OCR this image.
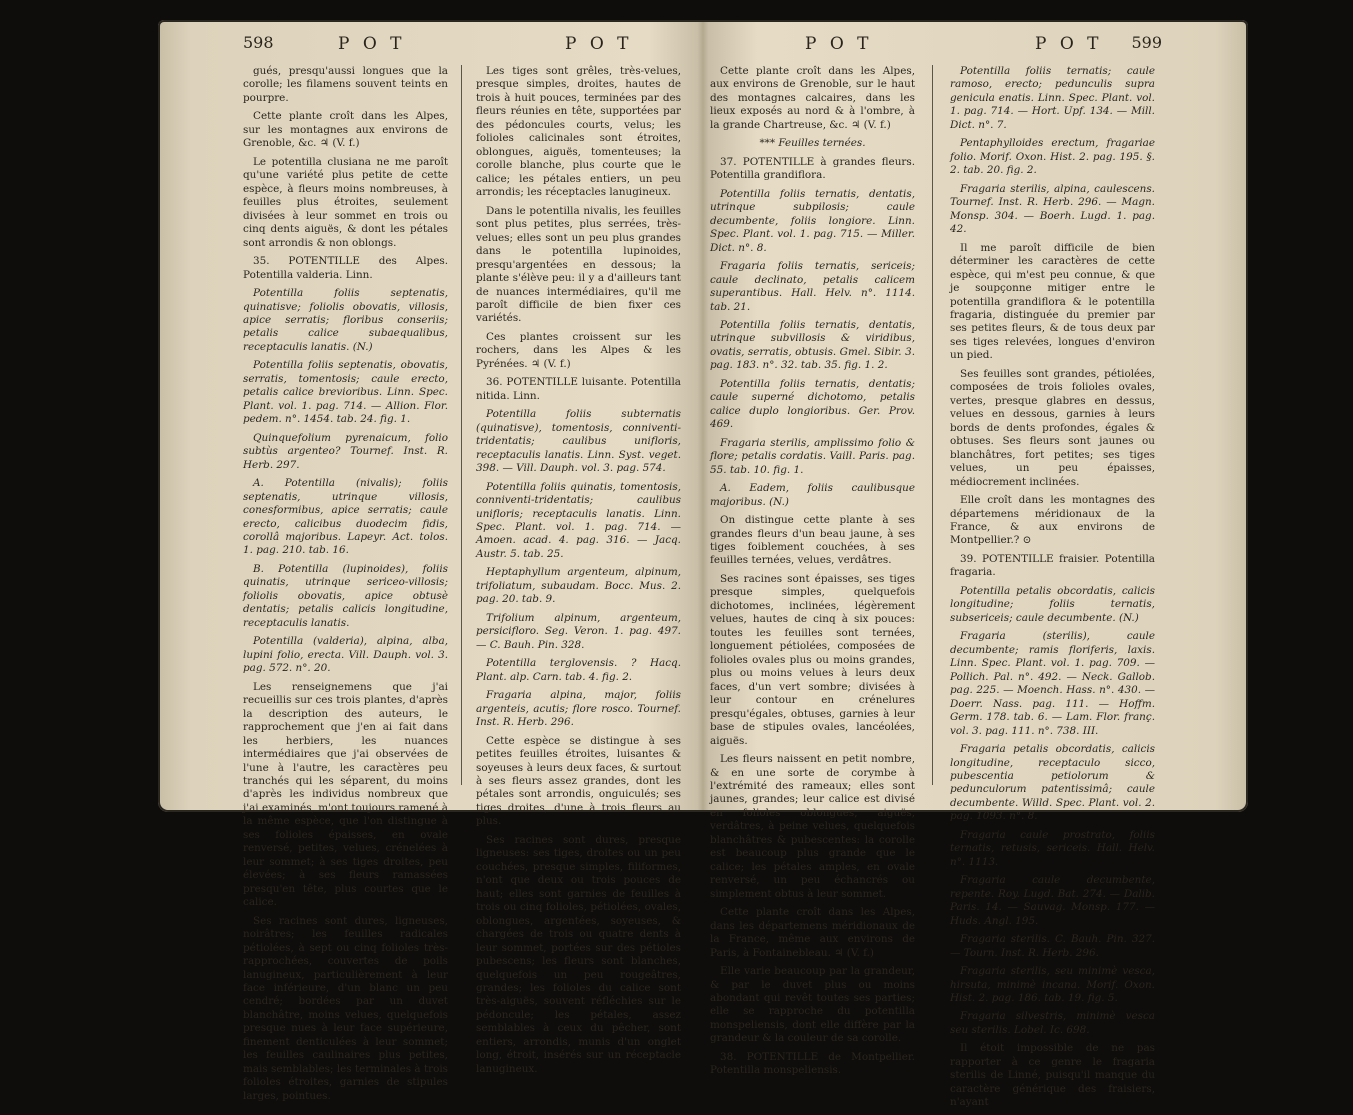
598	P O T	P O T

gués, presqu'aussi longues que la corolle; les filamens souvent teints en pourpre.

Cette plante croît dans les Alpes, sur les montagnes aux environs de Grenoble, &c. ♃ (V. f.)

Le potentilla clusiana ne me paroît qu'une variété plus petite de cette espèce, à fleurs moins nombreuses, à feuilles plus étroites, seulement divisées à leur sommet en trois ou cinq dents aiguës, & dont les pétales sont arrondis & non oblongs.

35. POTENTILLE des Alpes. Potentilla valderia. Linn.

Potentilla foliis septenatis, quinatisve; foliolis obovatis, villosis, apice serratis; floribus conseriis; petalis calice subaequalibus, receptaculis lanatis. (N.)

Potentilla foliis septenatis, obovatis, serratis, tomentosis; caule erecto, petalis calice brevioribus. Linn. Spec. Plant. vol. 1. pag. 714. — Allion. Flor. pedem. n°. 1454. tab. 24. fig. 1.

Quinquefolium pyrenaicum, folio subtùs argenteo? Tournef. Inst. R. Herb. 297.

A. Potentilla (nivalis); foliis septenatis, utrinque villosis, conesformibus, apice serratis; caule erecto, calicibus duodecim fidis, corollâ majoribus. Lapeyr. Act. tolos. 1. pag. 210. tab. 16.

B. Potentilla (lupinoides), foliis quinatis, utrinque sericeo-villosis; foliolis obovatis, apice obtusè dentatis; petalis calicis longitudine, receptaculis lanatis.

Potentilla (valderia), alpina, alba, lupini folio, erecta. Vill. Dauph. vol. 3. pag. 572. n°. 20.

Les renseignemens que j'ai recueillis sur ces trois plantes, d'après la description des auteurs, le rapprochement que j'en ai fait dans les herbiers, les nuances intermédiaires que j'ai observées de l'une à l'autre, les caractères peu tranchés qui les séparent, du moins d'après les individus nombreux que j'ai examinés, m'ont toujours ramené à la même espèce, que l'on distingue à ses folioles épaisses, en ovale renversé, petites, velues, crénelées à leur sommet; à ses tiges droites, peu élevées; à ses fleurs ramassées presqu'en tête, plus courtes que le calice.

Ses racines sont dures, ligneuses, noirâtres; les feuilles radicales pétiolées, à sept ou cinq folioles très-rapprochées, couvertes de poils lanugineux, particulièrement à leur face inférieure, d'un blanc un peu cendré; bordées par un duvet blanchâtre, moins velues, quelquefois presque nues à leur face supérieure, finement denticulées à leur sommet; les feuilles caulinaires plus petites, mais semblables; les terminales à trois folioles étroites, garnies de stipules larges, pointues.

Les tiges sont grêles, très-velues, presque simples, droites, hautes de trois à huit pouces, terminées par des fleurs réunies en tête, supportées par des pédoncules courts, velus; les folioles calicinales sont étroites, oblongues, aiguës, tomenteuses; la corolle blanche, plus courte que le calice; les pétales entiers, un peu arrondis; les réceptacles lanugineux.

Dans le potentilla nivalis, les feuilles sont plus petites, plus serrées, très-velues; elles sont un peu plus grandes dans le potentilla lupinoides, presqu'argentées en dessous; la plante s'élève peu: il y a d'ailleurs tant de nuances intermédiaires, qu'il me paroît difficile de bien fixer ces variétés.

Ces plantes croissent sur les rochers, dans les Alpes & les Pyrénées. ♃ (V. f.)

36. POTENTILLE luisante. Potentilla nitida. Linn.

Potentilla foliis subternatis (quinatisve), tomentosis, conniventi-tridentatis; caulibus unifloris, receptaculis lanatis. Linn. Syst. veget. 398. — Vill. Dauph. vol. 3. pag. 574.

Potentilla foliis quinatis, tomentosis, conniventi-tridentatis; caulibus unifloris; receptaculis lanatis. Linn. Spec. Plant. vol. 1. pag. 714. — Amoen. acad. 4. pag. 316. — Jacq. Austr. 5. tab. 25.

Heptaphyllum argenteum, alpinum, trifoliatum, subaudam. Bocc. Mus. 2. pag. 20. tab. 9.

Trifolium alpinum, argenteum, persicifloro. Seg. Veron. 1. pag. 497. — C. Bauh. Pin. 328.

Potentilla terglovensis. ? Hacq. Plant. alp. Carn. tab. 4. fig. 2.

Fragaria alpina, major, foliis argenteis, acutis; flore rosco. Tournef. Inst. R. Herb. 296.

Cette espèce se distingue à ses petites feuilles étroites, luisantes & soyeuses à leurs deux faces, & surtout à ses fleurs assez grandes, dont les pétales sont arrondis, onguiculés; ses tiges droites, d'une à trois fleurs au plus.

Ses racines sont dures, presque ligneuses: ses tiges, droites ou un peu couchées, presque simples, filiformes, n'ont que deux ou trois pouces de haut; elles sont garnies de feuilles à trois ou cinq folioles, pétiolées, ovales, oblongues, argentées, soyeuses, & chargées de trois ou quatre dents à leur sommet, portées sur des pétioles pubescens; les fleurs sont blanches, quelquefois un peu rougeâtres, grandes; les folioles du calice sont très-aiguës, souvent réfléchies sur le pédoncule; les pétales, assez semblables à ceux du pêcher, sont entiers, arrondis, munis d'un onglet long, étroit, insérés sur un réceptacle lanugineux.

P O T	P O T 599

Cette plante croît dans les Alpes, aux environs de Grenoble, sur le haut des montagnes calcaires, dans les lieux exposés au nord & à l'ombre, à la grande Chartreuse, &c. ♃ (V. f.)

*** Feuilles ternées.

37. POTENTILLE à grandes fleurs. Potentilla grandiflora.

Potentilla foliis ternatis, dentatis, utrinque subpilosis; caule decumbente, foliis longiore. Linn. Spec. Plant. vol. 1. pag. 715. — Miller. Dict. n°. 8.

Fragaria foliis ternatis, sericeis; caule declinato, petalis calicem superantibus. Hall. Helv. n°. 1114. tab. 21.

Potentilla foliis ternatis, dentatis, utrinque subvillosis & viridibus, ovatis, serratis, obtusis. Gmel. Sibir. 3. pag. 183. n°. 32. tab. 35. fig. 1. 2.

Potentilla foliis ternatis, dentatis; caule superné dichotomo, petalis calice duplo longioribus. Ger. Prov. 469.

Fragaria sterilis, amplissimo folio & flore; petalis cordatis. Vaill. Paris. pag. 55. tab. 10. fig. 1.

A. Eadem, foliis caulibusque majoribus. (N.)

On distingue cette plante à ses grandes fleurs d'un beau jaune, à ses tiges foiblement couchées, à ses feuilles ternées, velues, verdâtres.

Ses racines sont épaisses, ses tiges presque simples, quelquefois dichotomes, inclinées, légèrement velues, hautes de cinq à six pouces: toutes les feuilles sont ternées, longuement pétiolées, composées de folioles ovales plus ou moins grandes, plus ou moins velues à leurs deux faces, d'un vert sombre; divisées à leur contour en crénelures presqu'égales, obtuses, garnies à leur base de stipules ovales, lancéolées, aiguës.

Les fleurs naissent en petit nombre, & en une sorte de corymbe à l'extrémité des rameaux; elles sont jaunes, grandes; leur calice est divisé en folioles oblongues, aiguës, verdâtres, à peine velues, quelquefois blanchâtres & pubescentes: la corolle est beaucoup plus grande que le calice; les pétales amples, en ovale renversé, un peu échancrés ou simplement obtus à leur sommet.

Cette plante croît dans les Alpes, dans les départemens méridionaux de la France, même aux environs de Paris, à Fontainebleau. ♃ (V. f.)

Elle varie beaucoup par la grandeur, & par le duvet plus ou moins abondant qui revêt toutes ses parties; elle se rapproche du potentilla monspeliensis, dont elle diffère par la grandeur & la couleur de sa corolle.

38. POTENTILLE de Montpellier. Potentilla monspeliensis.

Potentilla foliis ternatis; caule ramoso, erecto; pedunculis supra genicula enatis. Linn. Spec. Plant. vol. 1. pag. 714. — Hort. Upf. 134. — Mill. Dict. n°. 7.

Pentaphylloides erectum, fragariae folio. Morif. Oxon. Hist. 2. pag. 195. §. 2. tab. 20. fig. 2.

Fragaria sterilis, alpina, caulescens. Tournef. Inst. R. Herb. 296. — Magn. Monsp. 304. — Boerh. Lugd. 1. pag. 42.

Il me paroît difficile de bien déterminer les caractères de cette espèce, qui m'est peu connue, & que je soupçonne mitiger entre le potentilla grandiflora & le potentilla fragaria, distinguée du premier par ses petites fleurs, & de tous deux par ses tiges relevées, longues d'environ un pied.

Ses feuilles sont grandes, pétiolées, composées de trois folioles ovales, vertes, presque glabres en dessus, velues en dessous, garnies à leurs bords de dents profondes, égales & obtuses. Ses fleurs sont jaunes ou blanchâtres, fort petites; ses tiges velues, un peu épaisses, médiocrement inclinées.

Elle croît dans les montagnes des départemens méridionaux de la France, & aux environs de Montpellier.? ⊙

39. POTENTILLE fraisier. Potentilla fragaria.

Potentilla petalis obcordatis, calicis longitudine; foliis ternatis, subsericeis; caule decumbente. (N.)

Fragaria (sterilis), caule decumbente; ramis floriferis, laxis. Linn. Spec. Plant. vol. 1. pag. 709. — Pollich. Pal. n°. 492. — Neck. Gallob. pag. 225. — Moench. Hass. n°. 430. — Doerr. Nass. pag. 111. — Hoffm. Germ. 178. tab. 6. — Lam. Flor. franç. vol. 3. pag. 111. n°. 738. III.

Fragaria petalis obcordatis, calicis longitudine, receptaculo sicco, pubescentia petiolorum & pedunculorum patentissimâ; caule decumbente. Willd. Spec. Plant. vol. 2. pag. 1093. n°. 8.

Fragaria caule prostrato, foliis ternatis, retusis, sericeis. Hall. Helv. n°. 1113.

Fragaria caule decumbente, repente. Roy. Lugd. Bat. 274. — Dalib. Paris. 14. — Sauvag. Monsp. 177. — Huds. Angl. 195.

Fragaria sterilis. C. Bauh. Pin. 327. — Tourn. Inst. R. Herb. 296.

Fragaria sterilis, seu minimè vesca, hirsuta, minimè incana. Morif. Oxon. Hist. 2. pag. 186. tab. 19. fig. 5.

Fragaria silvestris, minimè vesca seu sterilis. Lobel. Ic. 698.

Il étoit impossible de ne pas rapporter à ce genre le fragaria sterilis de Linné, puisqu'il manque du caractère générique des fraisiers, n'ayant
